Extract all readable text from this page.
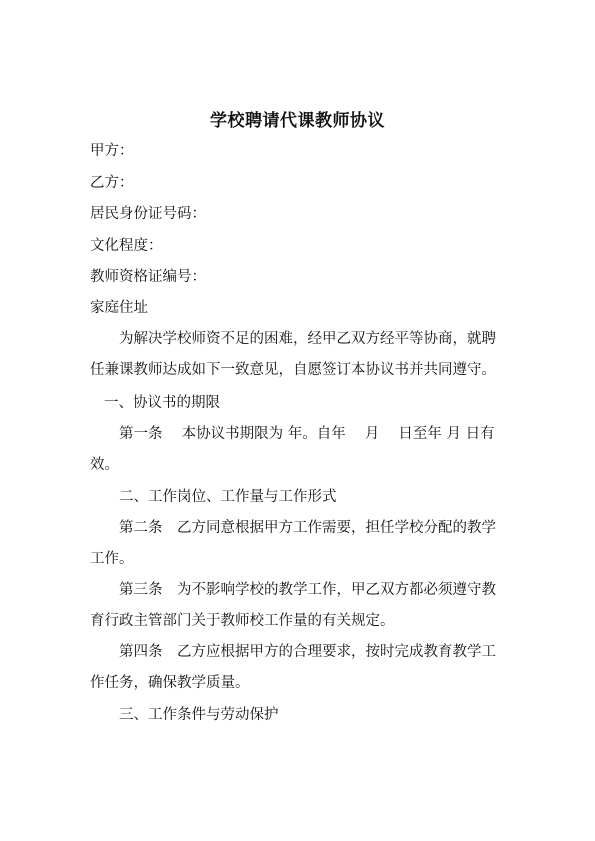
学校聘请代课教师协议
甲方：
乙方：
居民身份证号码：
文化程度：
教师资格证编号：
家庭住址
为解决学校师资不足的困难，经甲乙双方经平等协商，就聘
任兼课教师达成如下一致意见，自愿签订本协议书并共同遵守。
一、协议书的期限
第一条　 本协议书期限为 年。自年　 月　 日至年 月 日有
效。
二、工作岗位、工作量与工作形式
第二条　乙方同意根据甲方工作需要，担任学校分配的教学
工作。
第三条　为不影响学校的教学工作，甲乙双方都必须遵守教
育行政主管部门关于教师校工作量的有关规定。
第四条　乙方应根据甲方的合理要求，按时完成教育教学工
作任务，确保教学质量。
三、工作条件与劳动保护
